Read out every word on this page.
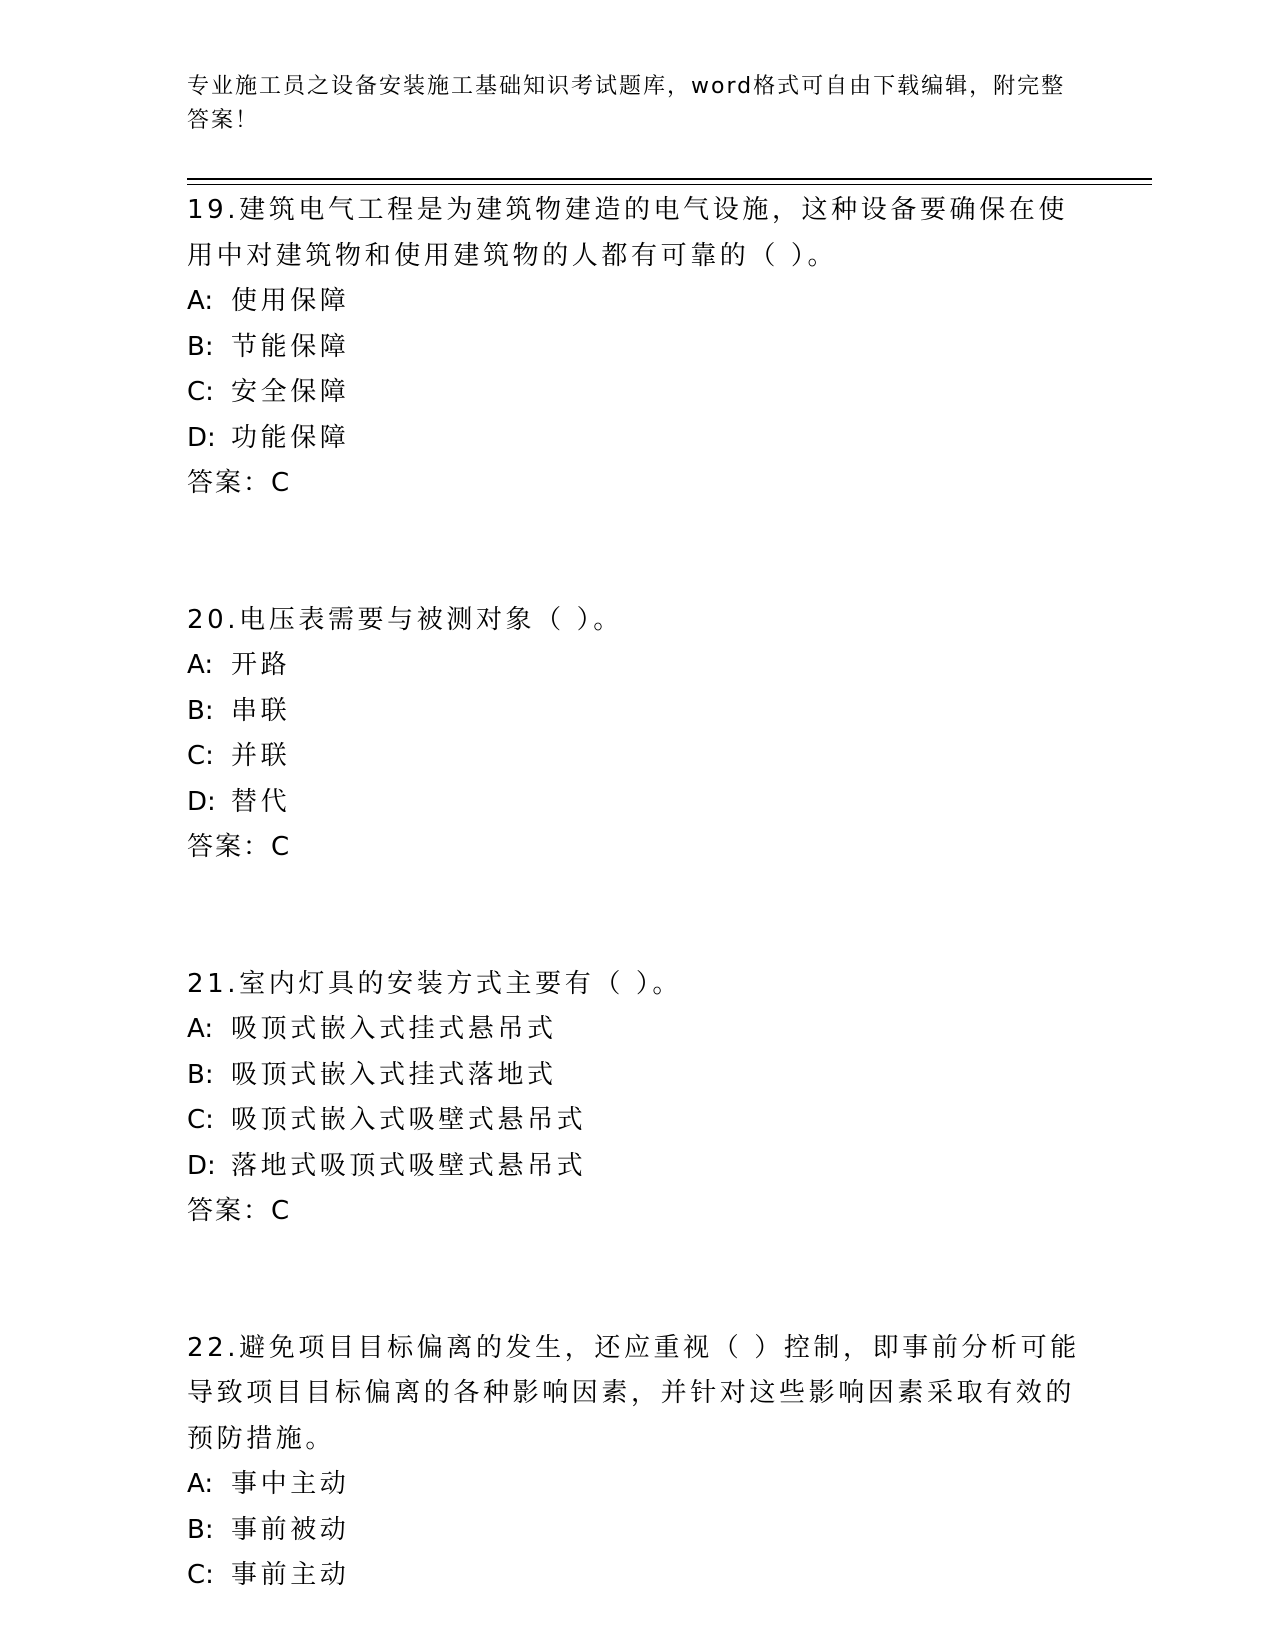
专业施工员之设备安装施工基础知识考试题库，word格式可自由下载编辑，附完整答案！
19.建筑电气工程是为建筑物建造的电气设施，这种设备要确保在使用中对建筑物和使用建筑物的人都有可靠的（ ）。
A: 使用保障
B: 节能保障
C: 安全保障
D: 功能保障
答案：C
20.电压表需要与被测对象（ ）。
A: 开路
B: 串联
C: 并联
D: 替代
答案：C
21.室内灯具的安装方式主要有（ ）。
A: 吸顶式嵌入式挂式悬吊式
B: 吸顶式嵌入式挂式落地式
C: 吸顶式嵌入式吸壁式悬吊式
D: 落地式吸顶式吸壁式悬吊式
答案：C
22.避免项目目标偏离的发生，还应重视（ ）控制，即事前分析可能导致项目目标偏离的各种影响因素，并针对这些影响因素采取有效的预防措施。
A: 事中主动
B: 事前被动
C: 事前主动
